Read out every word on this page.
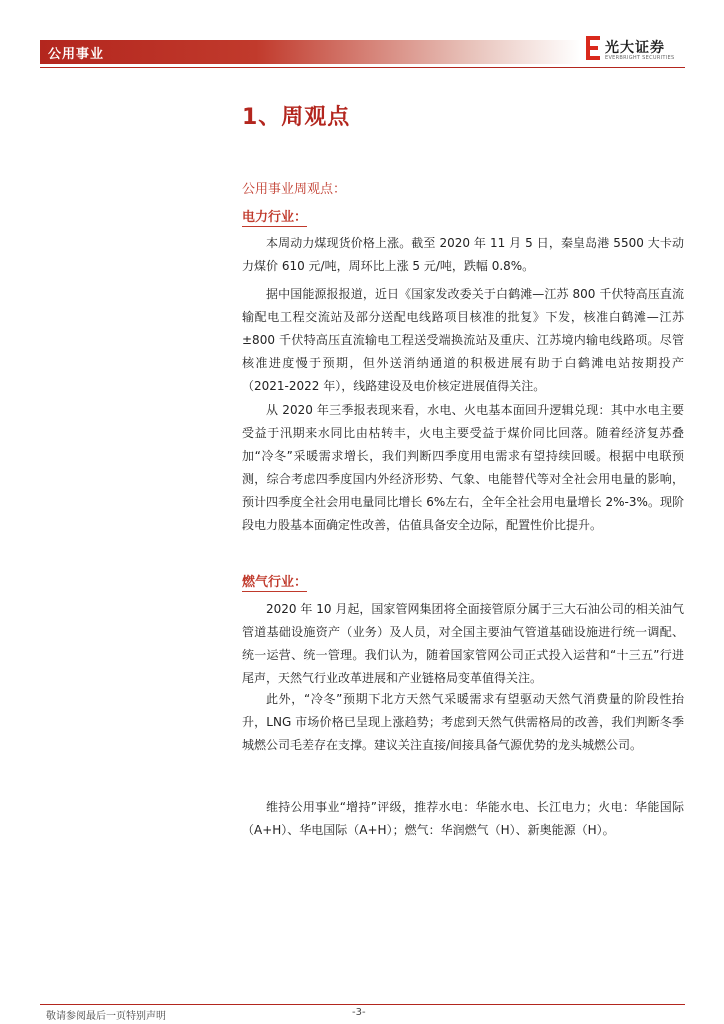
公用事业	光大证券
EVERBRIGHT SECURITIES
1、周观点
公用事业周观点：
电力行业：
本周动力煤现货价格上涨。截至 2020 年 11 月 5 日，秦皇岛港 5500 大卡动力煤价 610 元/吨，周环比上涨 5 元/吨，跌幅 0.8%。
据中国能源报报道，近日《国家发改委关于白鹤滩—江苏 800 千伏特高压直流输配电工程交流站及部分送配电线路项目核准的批复》下发，核准白鹤滩—江苏±800 千伏特高压直流输电工程送受端换流站及重庆、江苏境内输电线路项。尽管核准进度慢于预期，但外送消纳通道的积极进展有助于白鹤滩电站按期投产（2021-2022 年），线路建设及电价核定进展值得关注。
从 2020 年三季报表现来看，水电、火电基本面回升逻辑兑现：其中水电主要受益于汛期来水同比由枯转丰，火电主要受益于煤价同比回落。随着经济复苏叠加“冷冬”采暖需求增长，我们判断四季度用电需求有望持续回暖。根据中电联预测，综合考虑四季度国内外经济形势、气象、电能替代等对全社会用电量的影响，预计四季度全社会用电量同比增长 6%左右，全年全社会用电量增长 2%-3%。现阶段电力股基本面确定性改善，估值具备安全边际，配置性价比提升。
燃气行业：
2020 年 10 月起，国家管网集团将全面接管原分属于三大石油公司的相关油气管道基础设施资产（业务）及人员，对全国主要油气管道基础设施进行统一调配、统一运营、统一管理。我们认为，随着国家管网公司正式投入运营和“十三五”行进尾声，天然气行业改革进展和产业链格局变革值得关注。
此外，“冷冬”预期下北方天然气采暖需求有望驱动天然气消费量的阶段性抬升，LNG 市场价格已呈现上涨趋势；考虑到天然气供需格局的改善，我们判断冬季城燃公司毛差存在支撑。建议关注直接/间接具备气源优势的龙头城燃公司。
维持公用事业“增持”评级，推荐水电：华能水电、长江电力；火电：华能国际（A+H）、华电国际（A+H）；燃气：华润燃气（H）、新奥能源（H）。
敬请参阅最后一页特别声明	-3-
